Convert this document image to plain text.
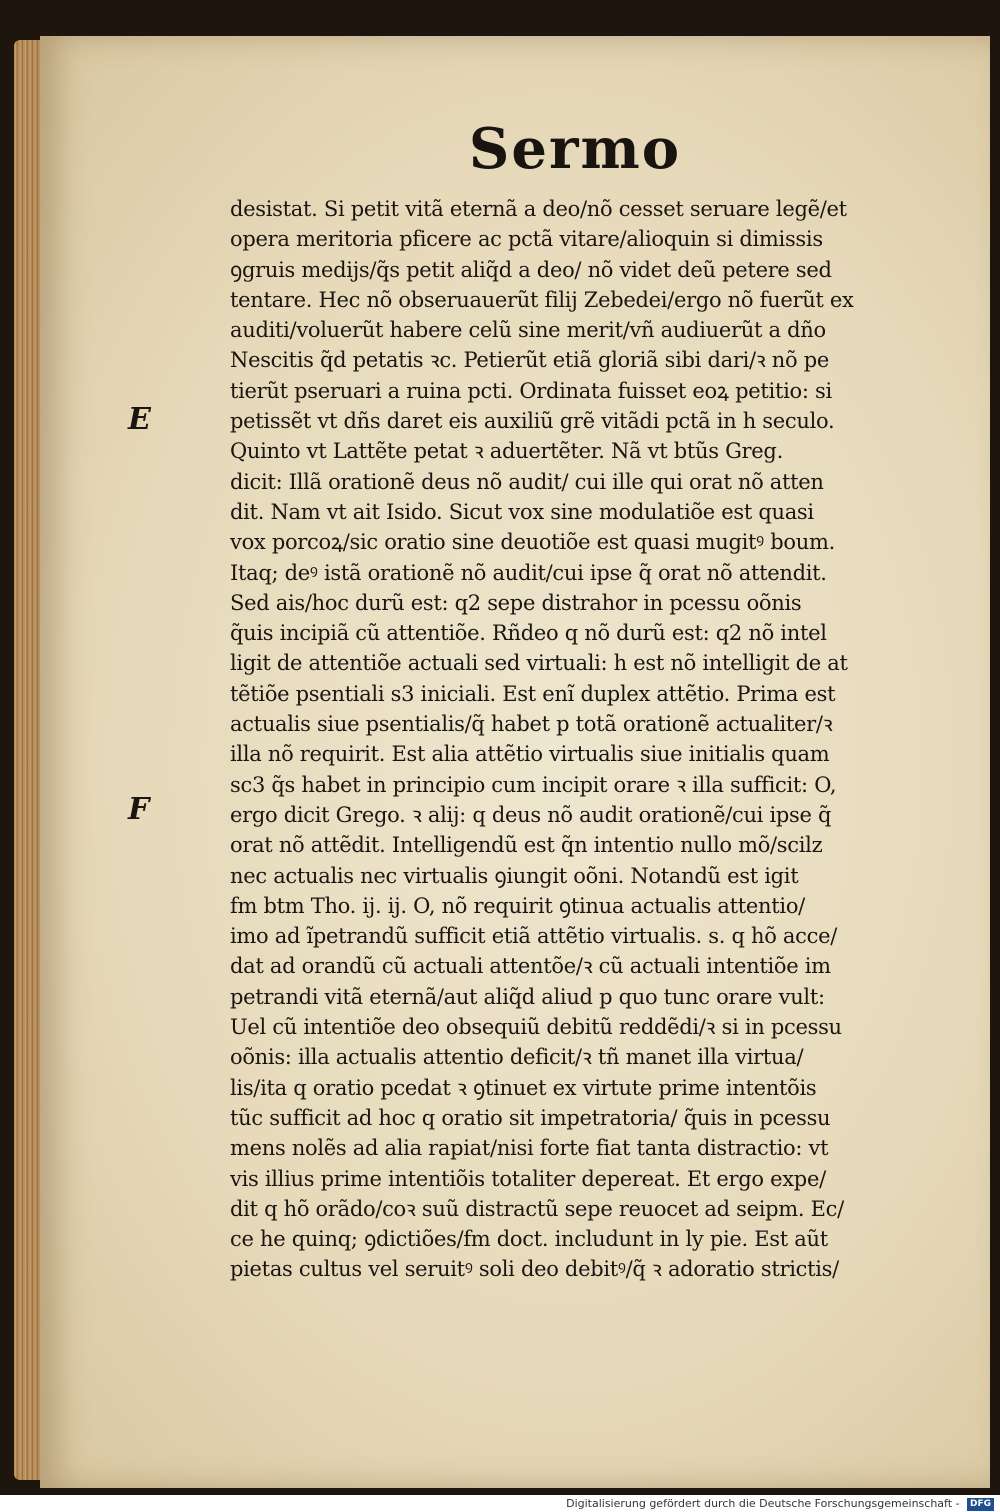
Sermo
desistat. Si petit vitã eternã a deo/nõ cesset seruare legẽ/et
opera meritoria pficere ac pctã vitare/alioquin si dimissis
ꝯgruis medijs/q̃s petit aliq̃d a deo/ nõ videt deũ petere sed
tentare. Hec nõ obseruauerũt filij Zebedei/ergo nõ fuerũt ex
auditi/voluerũt habere celũ sine merit/vñ audiuerũt a dño
Nescitis q̃d petatis ꝛc. Petierũt etiã gloriã sibi dari/ꝛ nõ pe
tierũt pseruari a ruina pcti. Ordinata fuisset eoꝝ petitio: si
petissẽt vt dñs daret eis auxiliũ grẽ vitãdi pctã in h seculo.
Quinto vt Lattẽte petat ꝛ aduertẽter. Nã vt btũs Greg.
dicit: Illã orationẽ deus nõ audit/ cui ille qui orat nõ atten
dit. Nam vt ait Isido. Sicut vox sine modulatiõe est quasi
vox porcoꝝ/sic oratio sine deuotiõe est quasi mugitꝰ boum.
Itaq; deꝰ istã orationẽ nõ audit/cui ipse q̃ orat nõ attendit.
Sed ais/hoc durũ est: q2 sepe distrahor in pcessu oõnis
q̃uis incipiã cũ attentiõe. Rñdeo q nõ durũ est: q2 nõ intel
ligit de attentiõe actuali sed virtuali: h est nõ intelligit de at
tẽtiõe psentiali s3 iniciali. Est enĩ duplex attẽtio. Prima est
actualis siue psentialis/q̃ habet p totã orationẽ actualiter/ꝛ
illa nõ requirit. Est alia attẽtio virtualis siue initialis quam
sc3 q̃s habet in principio cum incipit orare ꝛ illa sufficit: O,
ergo dicit Grego. ꝛ alij: q deus nõ audit orationẽ/cui ipse q̃
orat nõ attẽdit. Intelligendũ est q̃n intentio nullo mõ/scilz
nec actualis nec virtualis ꝯiungit oõni. Notandũ est igit
fm btm Tho. ij. ij. O, nõ requirit ꝯtinua actualis attentio/
imo ad ĩpetrandũ sufficit etiã attẽtio virtualis. s. q hõ acce/
dat ad orandũ cũ actuali attentõe/ꝛ cũ actuali intentiõe im
petrandi vitã eternã/aut aliq̃d aliud p quo tunc orare vult:
Uel cũ intentiõe deo obsequiũ debitũ reddẽdi/ꝛ si in pcessu
oõnis: illa actualis attentio deficit/ꝛ tñ manet illa virtua/
lis/ita q oratio pcedat ꝛ ꝯtinuet ex virtute prime intentõis
tũc sufficit ad hoc q oratio sit impetratoria/ q̃uis in pcessu
mens nolẽs ad alia rapiat/nisi forte fiat tanta distractio: vt
vis illius prime intentiõis totaliter depereat. Et ergo expe/
dit q hõ orãdo/coꝛ suũ distractũ sepe reuocet ad seipm. Ec/
ce he quinq; ꝯdictiões/fm doct. includunt in ly pie. Est aũt
pietas cultus vel seruitꝰ soli deo debitꝰ/q̃ ꝛ adoratio strictis/
E
F
Digitalisierung gefördert durch die Deutsche Forschungsgemeinschaft - DFG
